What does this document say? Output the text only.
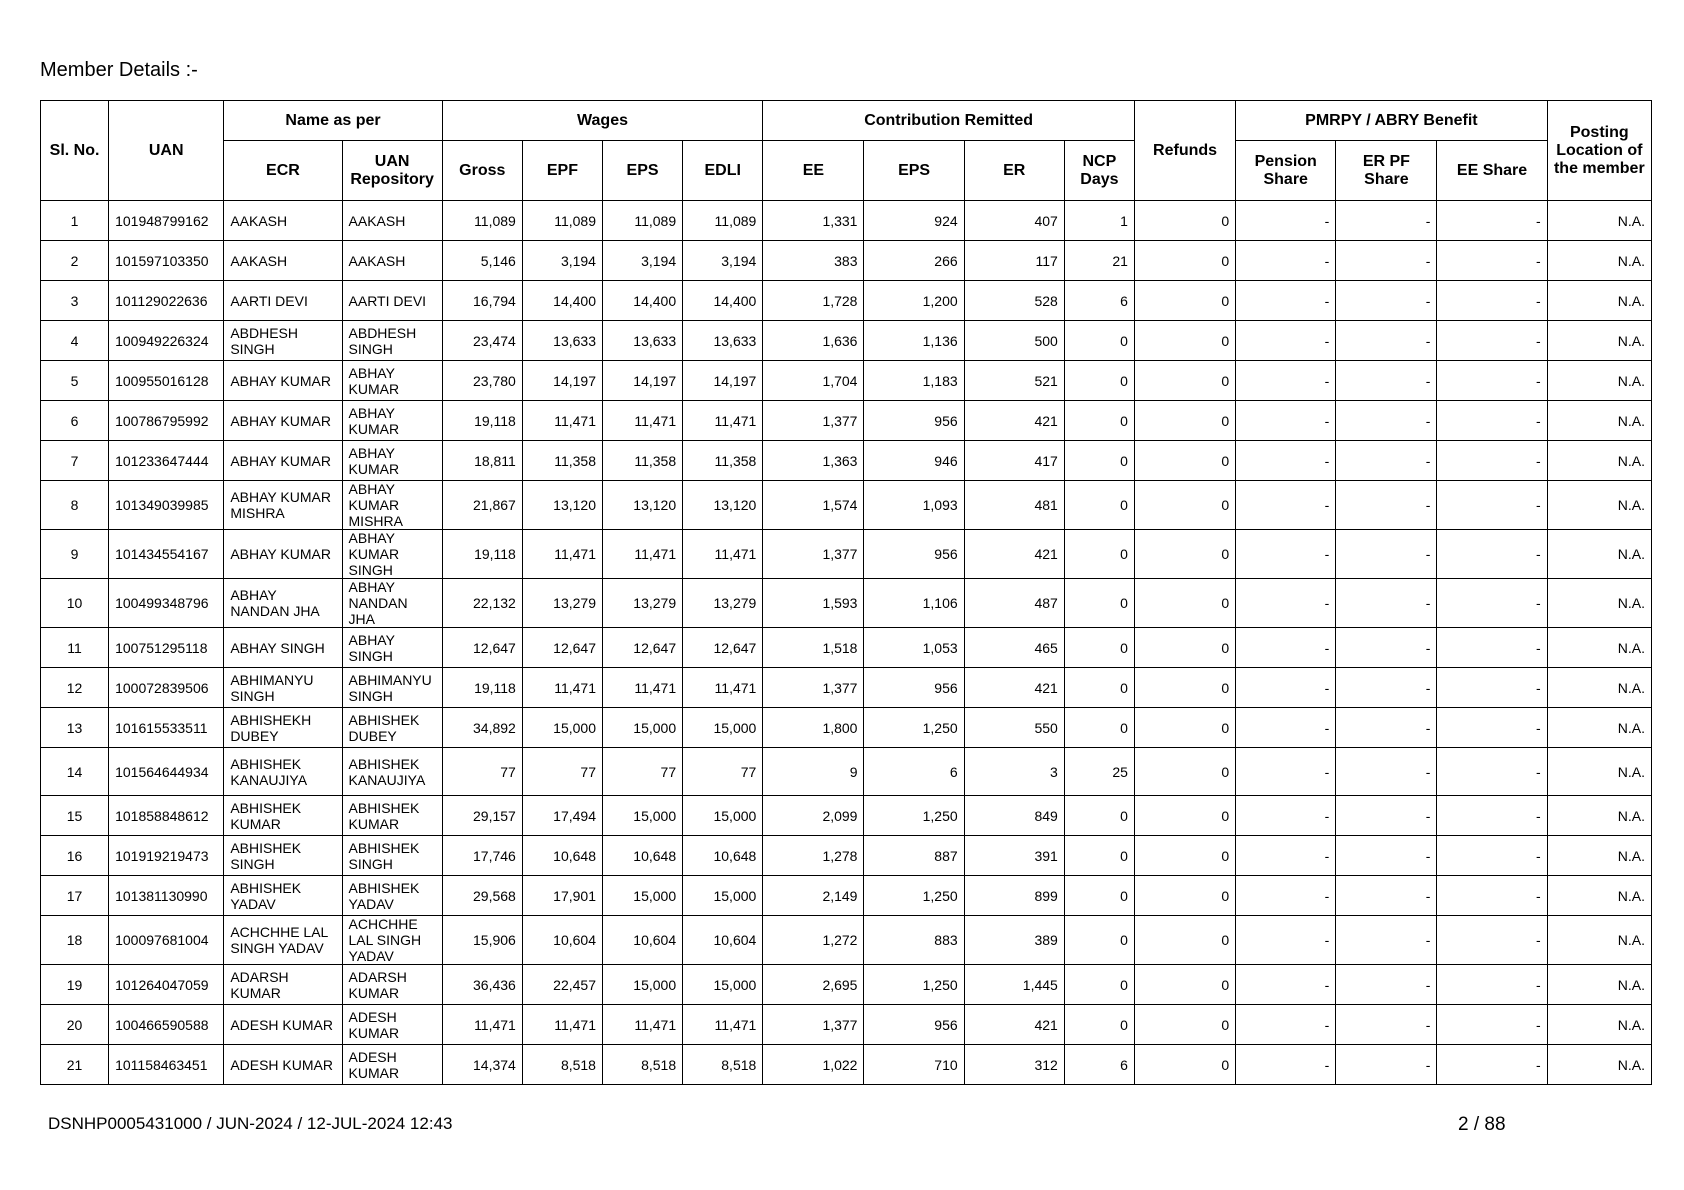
Member Details :-
Sl. No.	UAN	Name as per		Wages				Contribution Remitted				Refunds	PMRPY / ABRY Benefit			Posting Location of the member
		ECR	UAN Repository	Gross	EPF	EPS	EDLI	EE	EPS	ER	NCP Days		Pension Share	ER PF Share	EE Share	
1	101948799162	AAKASH	AAKASH	11,089	11,089	11,089	11,089	1,331	924	407	1	0	-	-	-	N.A.
2	101597103350	AAKASH	AAKASH	5,146	3,194	3,194	3,194	383	266	117	21	0	-	-	-	N.A.
3	101129022636	AARTI DEVI	AARTI DEVI	16,794	14,400	14,400	14,400	1,728	1,200	528	6	0	-	-	-	N.A.
4	100949226324	ABDHESH SINGH	ABDHESH SINGH	23,474	13,633	13,633	13,633	1,636	1,136	500	0	0	-	-	-	N.A.
5	100955016128	ABHAY KUMAR	ABHAY KUMAR	23,780	14,197	14,197	14,197	1,704	1,183	521	0	0	-	-	-	N.A.
6	100786795992	ABHAY KUMAR	ABHAY KUMAR	19,118	11,471	11,471	11,471	1,377	956	421	0	0	-	-	-	N.A.
7	101233647444	ABHAY KUMAR	ABHAY KUMAR	18,811	11,358	11,358	11,358	1,363	946	417	0	0	-	-	-	N.A.
8	101349039985	ABHAY KUMAR MISHRA	ABHAY KUMAR MISHRA	21,867	13,120	13,120	13,120	1,574	1,093	481	0	0	-	-	-	N.A.
9	101434554167	ABHAY KUMAR	ABHAY KUMAR SINGH	19,118	11,471	11,471	11,471	1,377	956	421	0	0	-	-	-	N.A.
10	100499348796	ABHAY NANDAN JHA	ABHAY NANDAN JHA	22,132	13,279	13,279	13,279	1,593	1,106	487	0	0	-	-	-	N.A.
11	100751295118	ABHAY SINGH	ABHAY SINGH	12,647	12,647	12,647	12,647	1,518	1,053	465	0	0	-	-	-	N.A.
12	100072839506	ABHIMANYU SINGH	ABHIMANYU SINGH	19,118	11,471	11,471	11,471	1,377	956	421	0	0	-	-	-	N.A.
13	101615533511	ABHISHEKH DUBEY	ABHISHEK DUBEY	34,892	15,000	15,000	15,000	1,800	1,250	550	0	0	-	-	-	N.A.
14	101564644934	ABHISHEK KANAUJIYA	ABHISHEK KANAUJIYA	77	77	77	77	9	6	3	25	0	-	-	-	N.A.
15	101858848612	ABHISHEK KUMAR	ABHISHEK KUMAR	29,157	17,494	15,000	15,000	2,099	1,250	849	0	0	-	-	-	N.A.
16	101919219473	ABHISHEK SINGH	ABHISHEK SINGH	17,746	10,648	10,648	10,648	1,278	887	391	0	0	-	-	-	N.A.
17	101381130990	ABHISHEK YADAV	ABHISHEK YADAV	29,568	17,901	15,000	15,000	2,149	1,250	899	0	0	-	-	-	N.A.
18	100097681004	ACHCHHE LAL SINGH YADAV	ACHCHHE LAL SINGH YADAV	15,906	10,604	10,604	10,604	1,272	883	389	0	0	-	-	-	N.A.
19	101264047059	ADARSH KUMAR	ADARSH KUMAR	36,436	22,457	15,000	15,000	2,695	1,250	1,445	0	0	-	-	-	N.A.
20	100466590588	ADESH KUMAR	ADESH KUMAR	11,471	11,471	11,471	11,471	1,377	956	421	0	0	-	-	-	N.A.
21	101158463451	ADESH KUMAR	ADESH KUMAR	14,374	8,518	8,518	8,518	1,022	710	312	6	0	-	-	-	N.A.
DSNHP0005431000 / JUN-2024 / 12-JUL-2024 12:43	2 / 88
